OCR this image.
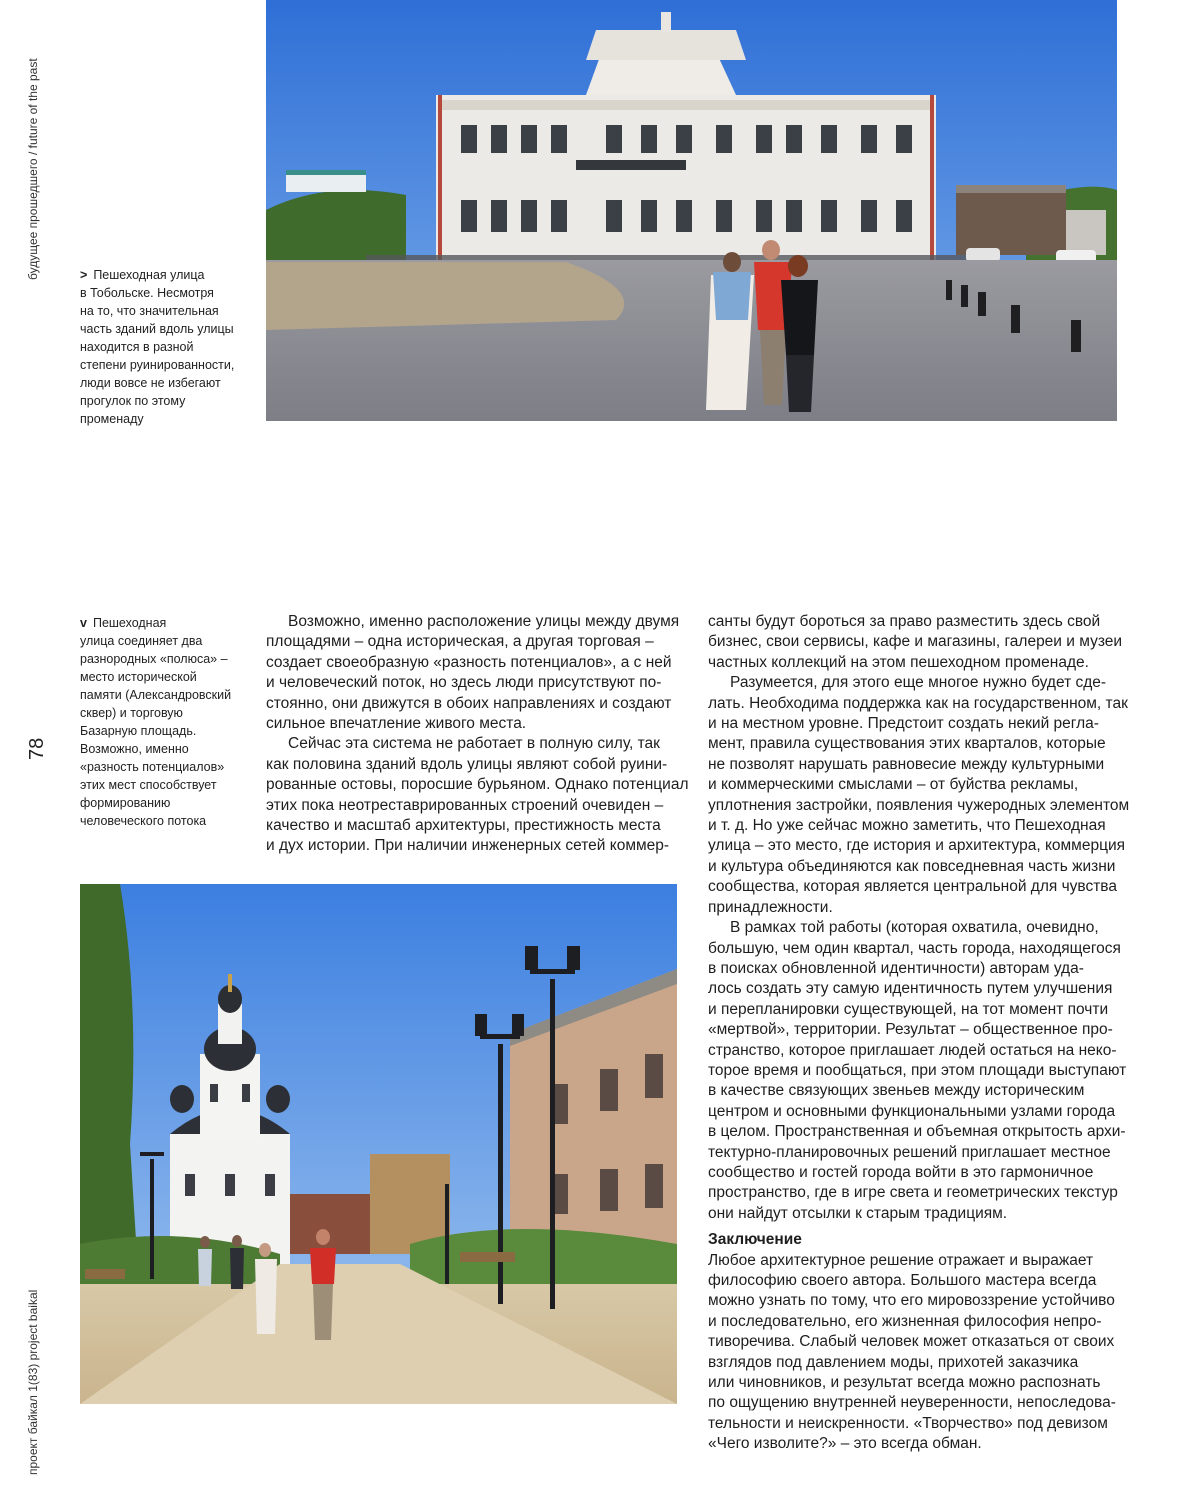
будущее прошедшего / future of the past
78
проект байкал 1(83) project baikal

> Пешеходная улица

в Тобольске. Несмотря

на то, что значительная

часть зданий вдоль улицы

находится в разной

степени руинированности,

люди вовсе не избегают

прогулок по этому

променаду

v Пешеходная

улица соединяет два

разнородных «полюса» –

место исторической

памяти (Александровский

сквер) и торговую

Базарную площадь.

Возможно, именно

«разность потенциалов»

этих мест способствует

формированию

человеческого потока

Возможно, именно расположение улицы между двумя

площадями – одна историческая, а другая торговая –

создает своеобразную «разность потенциалов», а с ней

и человеческий поток, но здесь люди присутствуют по-

стоянно, они движутся в обоих направлениях и создают

сильное впечатление живого места.

Сейчас эта система не работает в полную силу, так

как половина зданий вдоль улицы являют собой руини-

рованные остовы, поросшие бурьяном. Однако потенциал

этих пока неотреставрированных строений очевиден –

качество и масштаб архитектуры, престижность места

и дух истории. При наличии инженерных сетей коммер-

санты будут бороться за право разместить здесь свой

бизнес, свои сервисы, кафе и магазины, галереи и музеи

частных коллекций на этом пешеходном променаде.

Разумеется, для этого еще многое нужно будет сде-

лать. Необходима поддержка как на государственном, так

и на местном уровне. Предстоит создать некий регла-

мент, правила существования этих кварталов, которые

не позволят нарушать равновесие между культурными

и коммерческими смыслами – от буйства рекламы,

уплотнения застройки, появления чужеродных элементом

и т. д. Но уже сейчас можно заметить, что Пешеходная

улица – это место, где история и архитектура, коммерция

и культура объединяются как повседневная часть жизни

сообщества, которая является центральной для чувства

принадлежности.

В рамках той работы (которая охватила, очевидно,

большую, чем один квартал, часть города, находящегося

в поисках обновленной идентичности) авторам уда-

лось создать эту самую идентичность путем улучшения

и перепланировки существующей, на тот момент почти

«мертвой», территории. Результат – общественное про-

странство, которое приглашает людей остаться на неко-

торое время и пообщаться, при этом площади выступают

в качестве связующих звеньев между историческим

центром и основными функциональными узлами города

в целом. Пространственная и объемная открытость архи-

тектурно-планировочных решений приглашает местное

сообщество и гостей города войти в это гармоничное

пространство, где в игре света и геометрических текстур

они найдут отсылки к старым традициям.

Заключение

Любое архитектурное решение отражает и выражает

философию своего автора. Большого мастера всегда

можно узнать по тому, что его мировоззрение устойчиво

и последовательно, его жизненная философия непро-

тиворечива. Слабый человек может отказаться от своих

взглядов под давлением моды, прихотей заказчика

или чиновников, и результат всегда можно распознать

по ощущению внутренней неуверенности, непоследова-

тельности и неискренности. «Творчество» под девизом

«Чего изволите?» – это всегда обман.
